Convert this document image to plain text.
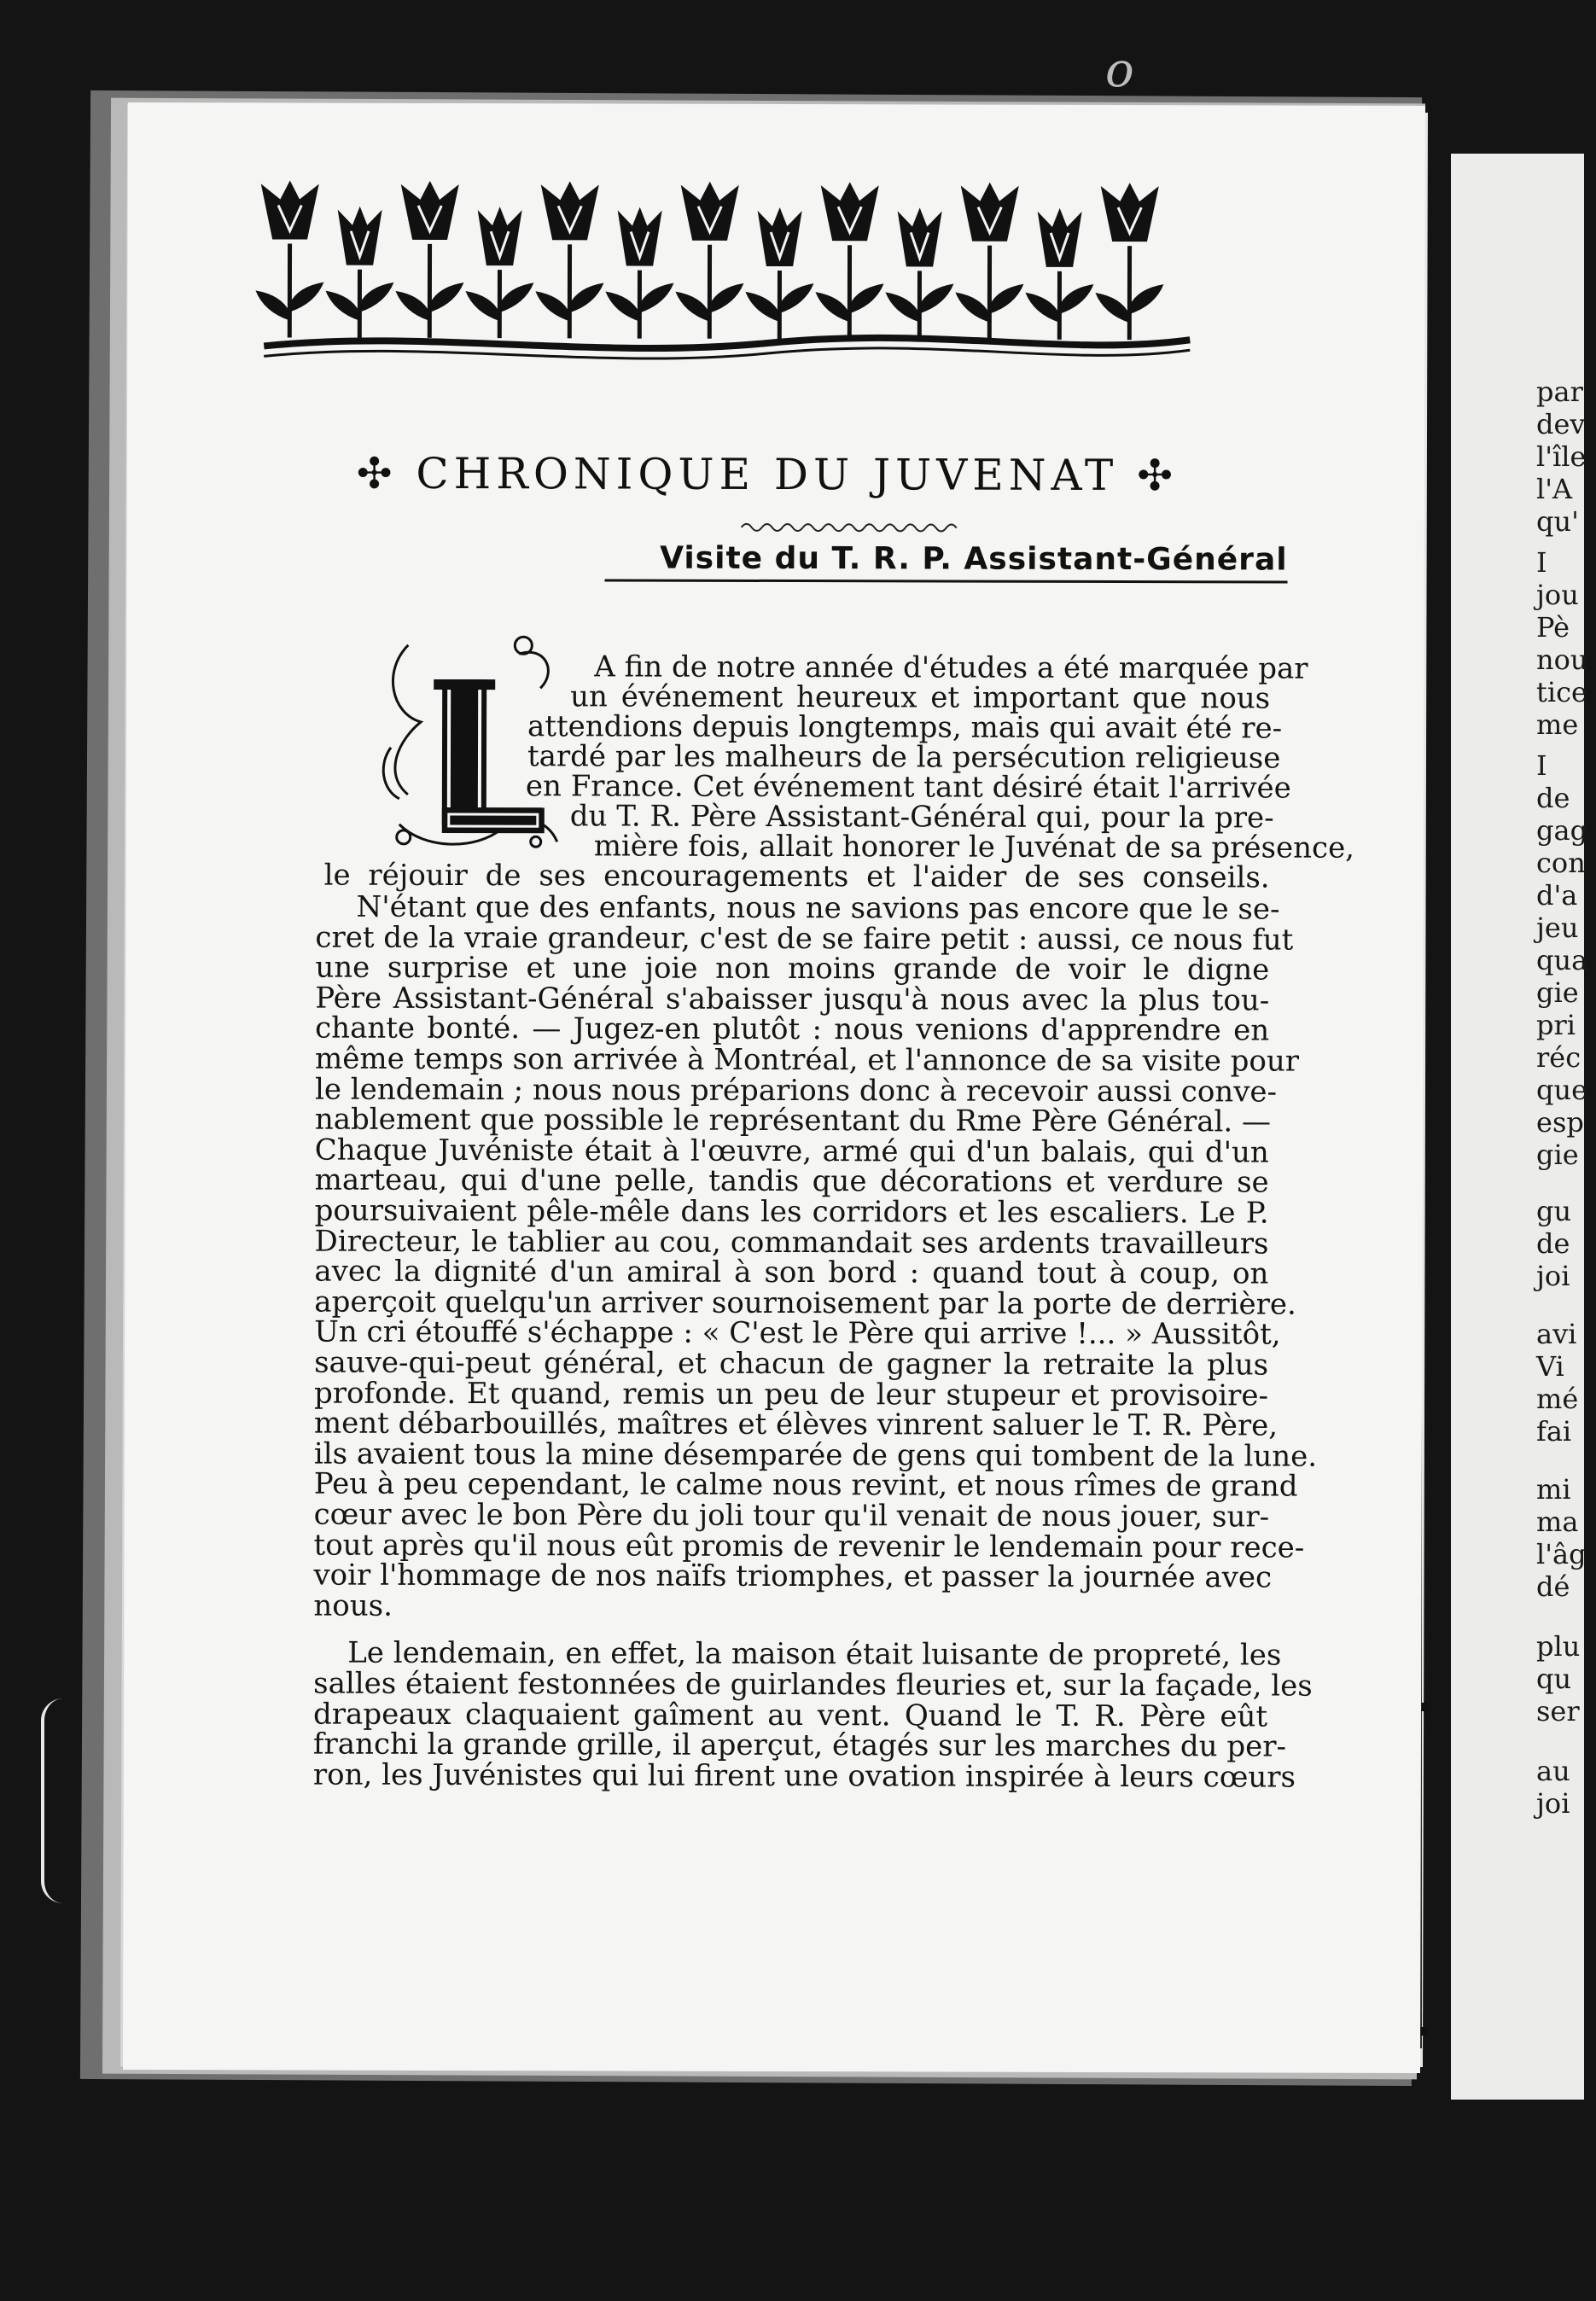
o
par
dev
l'île
l'A
qu'
I
jou
Pè
nou
tice
me
I
de
gag
con
d'a
jeu
qua
gie
pri
réc
que
esp
gie
gu
de
joi
avi
Vi
mé
fai
mi
ma
l'âg
dé
plu
qu
ser
au
joi
✣ CHRONIQUE DU JUVENAT ✣
Visite du T. R. P. Assistant-Général
A fin de notre année d'études a été marquée par
un événement heureux et important que nous
attendions depuis longtemps, mais qui avait été re-
tardé par les malheurs de la persécution religieuse
en France. Cet événement tant désiré était l'arrivée
du T. R. Père Assistant-Général qui, pour la pre-
mière fois, allait honorer le Juvénat de sa présence,
le réjouir de ses encouragements et l'aider de ses conseils.
N'étant que des enfants, nous ne savions pas encore que le se-
cret de la vraie grandeur, c'est de se faire petit : aussi, ce nous fut
une surprise et une joie non moins grande de voir le digne
Père Assistant-Général s'abaisser jusqu'à nous avec la plus tou-
chante bonté. — Jugez-en plutôt : nous venions d'apprendre en
même temps son arrivée à Montréal, et l'annonce de sa visite pour
le lendemain ; nous nous préparions donc à recevoir aussi conve-
nablement que possible le représentant du Rme Père Général. —
Chaque Juvéniste était à l'œuvre, armé qui d'un balais, qui d'un
marteau, qui d'une pelle, tandis que décorations et verdure se
poursuivaient pêle-mêle dans les corridors et les escaliers. Le P.
Directeur, le tablier au cou, commandait ses ardents travailleurs
avec la dignité d'un amiral à son bord : quand tout à coup, on
aperçoit quelqu'un arriver sournoisement par la porte de derrière.
Un cri étouffé s'échappe : « C'est le Père qui arrive !... » Aussitôt,
sauve-qui-peut général, et chacun de gagner la retraite la plus
profonde. Et quand, remis un peu de leur stupeur et provisoire-
ment débarbouillés, maîtres et élèves vinrent saluer le T. R. Père,
ils avaient tous la mine désemparée de gens qui tombent de la lune.
Peu à peu cependant, le calme nous revint, et nous rîmes de grand
cœur avec le bon Père du joli tour qu'il venait de nous jouer, sur-
tout après qu'il nous eût promis de revenir le lendemain pour rece-
voir l'hommage de nos naïfs triomphes, et passer la journée avec
nous.
Le lendemain, en effet, la maison était luisante de propreté, les
salles étaient festonnées de guirlandes fleuries et, sur la façade, les
drapeaux claquaient gaîment au vent. Quand le T. R. Père eût
franchi la grande grille, il aperçut, étagés sur les marches du per-
ron, les Juvénistes qui lui firent une ovation inspirée à leurs cœurs
